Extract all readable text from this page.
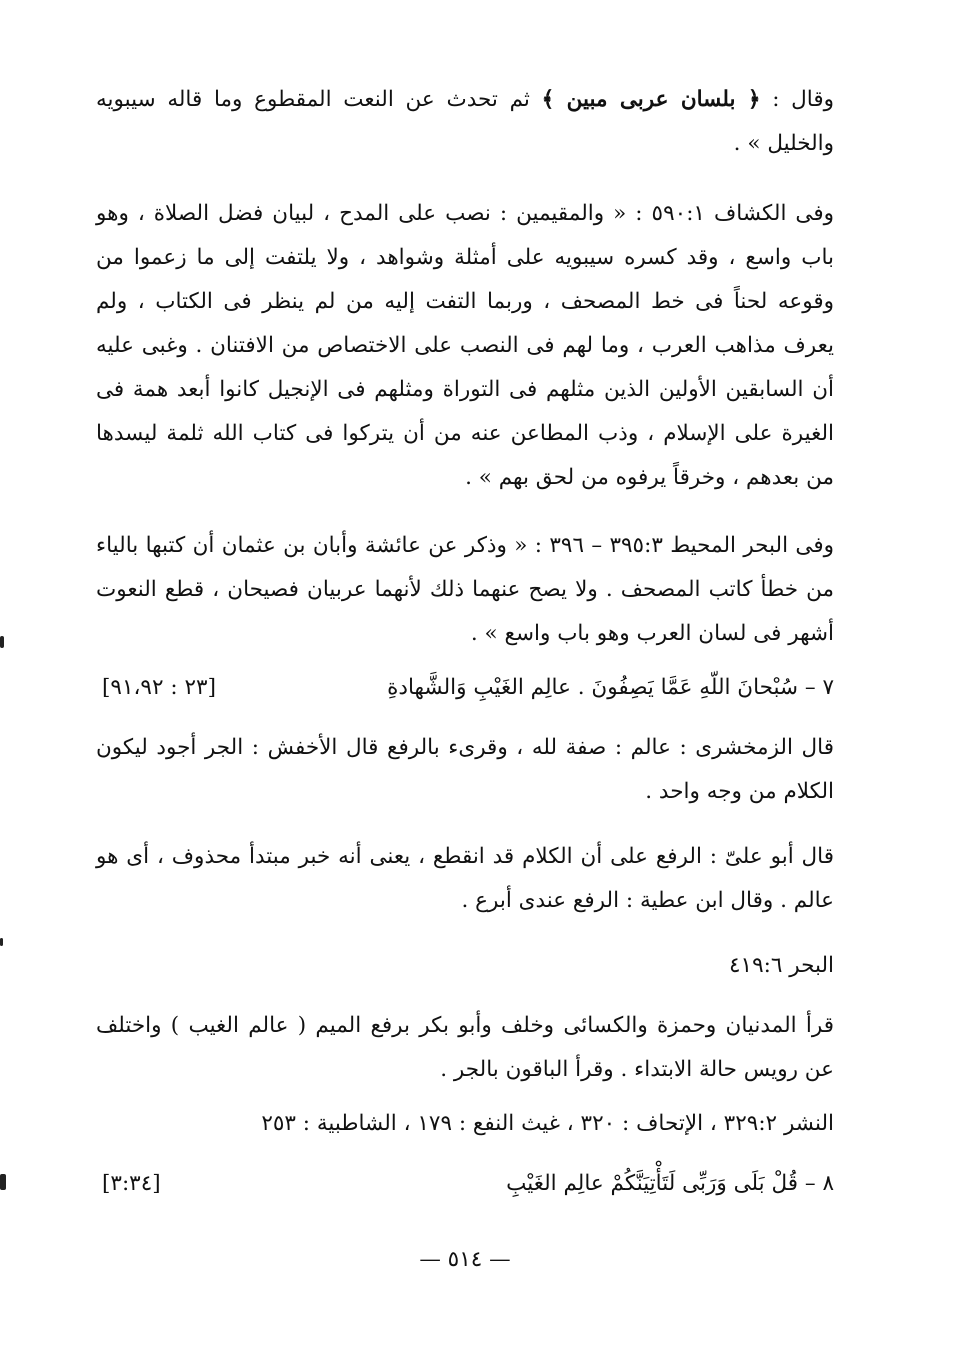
وقال : ﴿ بلسان عربى مبين ﴾ ثم تحدث عن النعت المقطوع وما قاله سيبويه والخليل » .

وفى الكشاف ٥٩٠:١ : « والمقيمين : نصب على المدح ، لبيان فضل الصلاة ، وهو باب واسع ، وقد كسره سيبويه على أمثلة وشواهد ، ولا يلتفت إلى ما زعموا من وقوعه لحناً فى خط المصحف ، وربما التفت إليه من لم ينظر فى الكتاب ، ولم يعرف مذاهب العرب ، وما لهم فى النصب على الاختصاص من الافتنان . وغبى عليه أن السابقين الأولين الذين مثلهم فى التوراة ومثلهم فى الإنجيل كانوا أبعد همة فى الغيرة على الإسلام ، وذب المطاعن عنه من أن يتركوا فى كتاب الله ثلمة ليسدها من بعدهم ، وخرقاً يرفوه من لحق بهم » .

وفى البحر المحيط ٣٩٥:٣ – ٣٩٦ : « وذكر عن عائشة وأبان بن عثمان أن كتبها بالياء من خطأ كاتب المصحف . ولا يصح عنهما ذلك لأنهما عربيان فصيحان ، قطع النعوت أشهر فى لسان العرب وهو باب واسع » .

٧ – سُبْحانَ اللّهِ عَمَّا يَصِفُونَ . عالِم الغَيْبِ وَالشَّهادةِ
[٢٣ : ٩١،٩٢]

قال الزمخشرى : عالم : صفة لله ، وقرىء بالرفع قال الأخفش : الجر أجود ليكون الكلام من وجه واحد .

قال أبو علىّ : الرفع على أن الكلام قد انقطع ، يعنى أنه خبر مبتدأ محذوف ، أى هو عالم . وقال ابن عطية : الرفع عندى أبرع .

البحر ٤١٩:٦

قرأ المدنيان وحمزة والكسائى وخلف وأبو بكر برفع الميم ( عالم الغيب ) واختلف عن رويس حالة الابتداء . وقرأ الباقون بالجر .

النشر ٣٢٩:٢ ، الإتحاف : ٣٢٠ ، غيث النفع : ١٧٩ ، الشاطبية : ٢٥٣
٨ – قُلْ بَلَى وَرَبِّى لَتَأْتِيَنَّكُمْ عالِم الغَيْبِ
[٣:٣٤]
— ٥١٤ —
